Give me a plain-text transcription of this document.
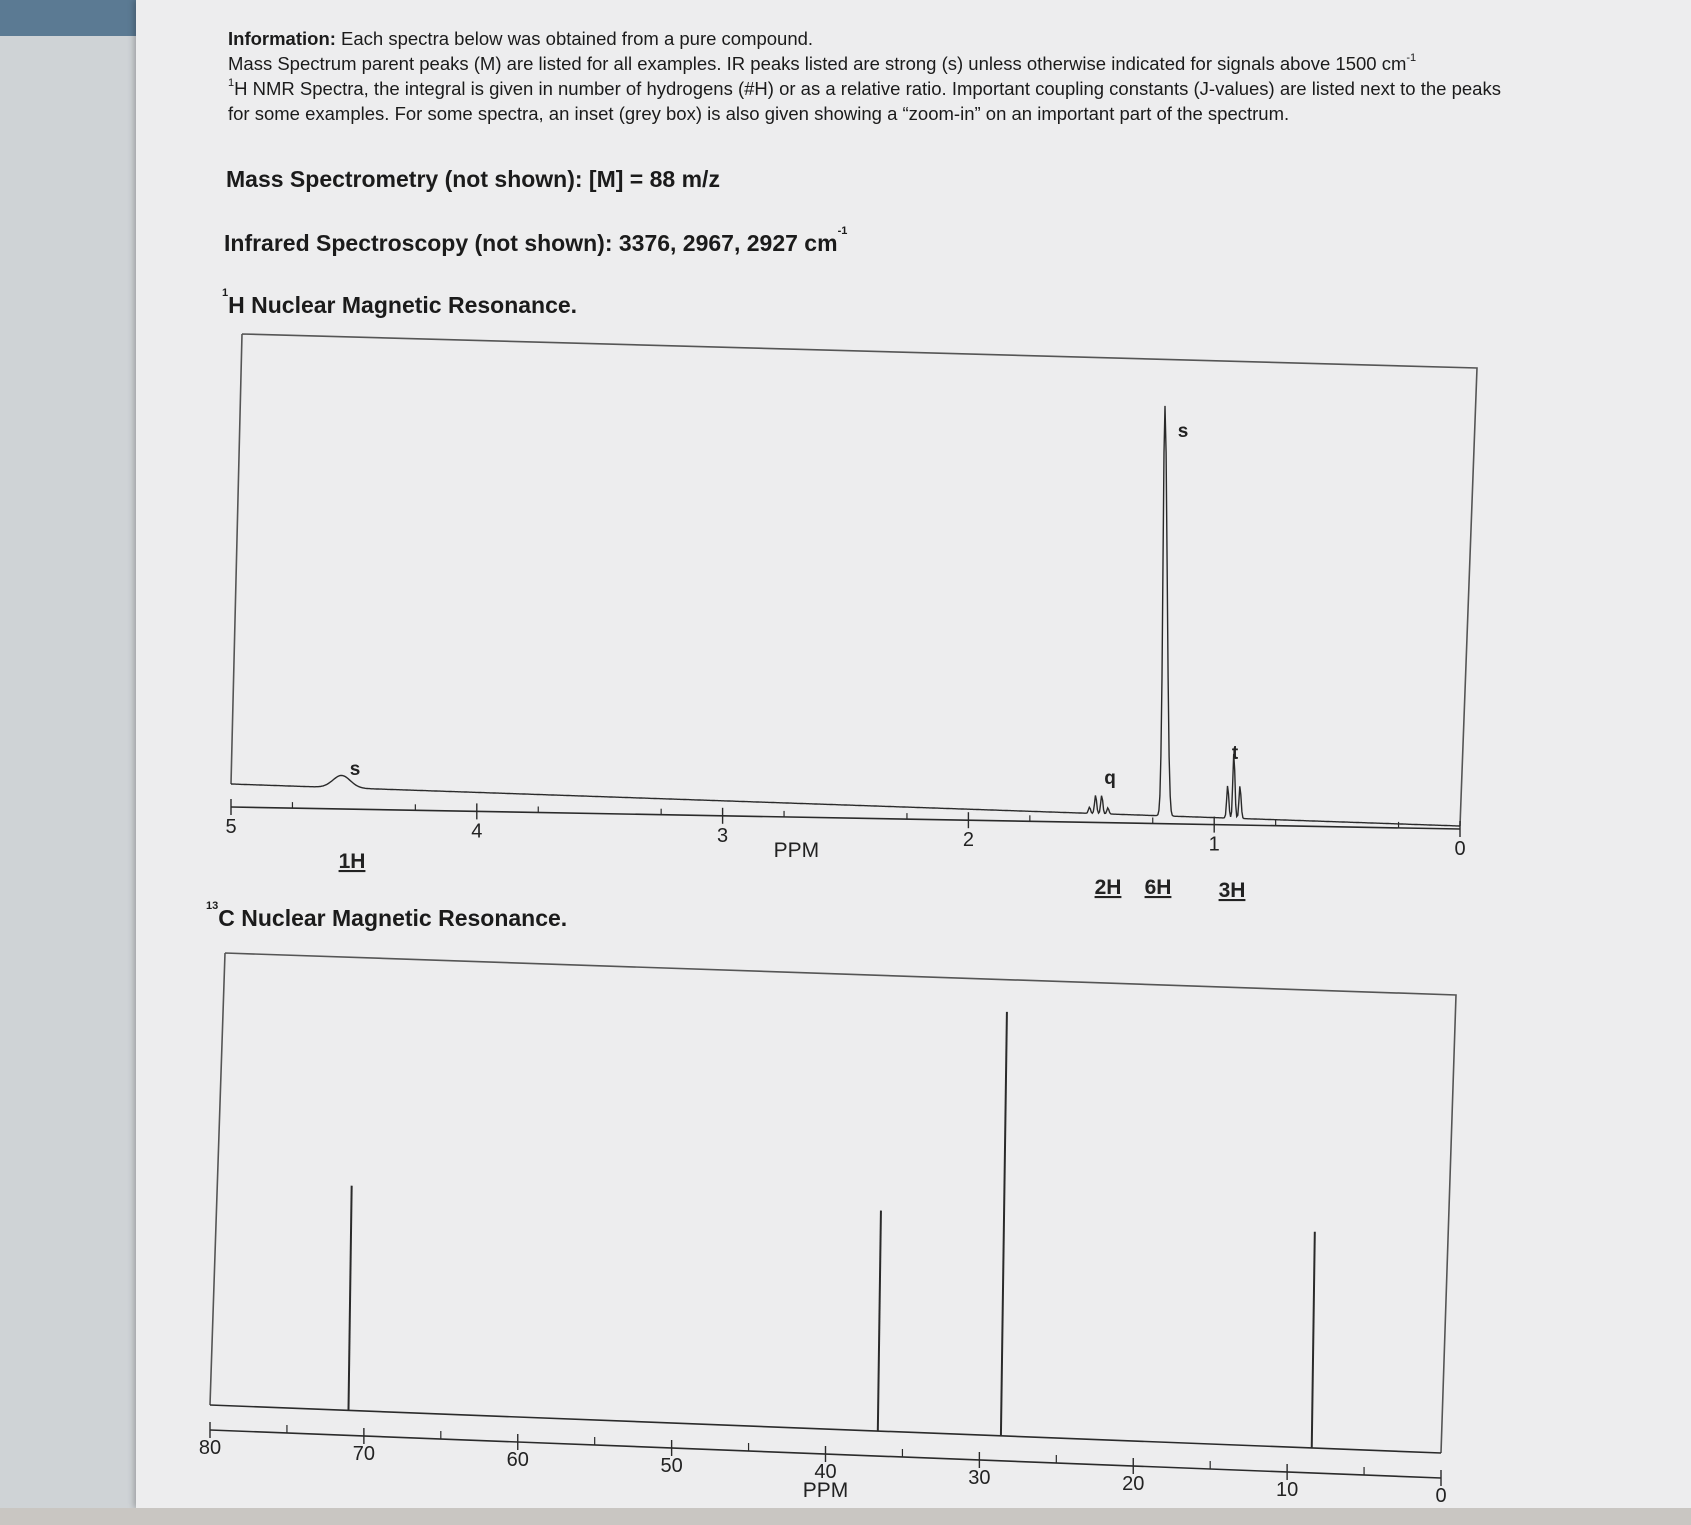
Information: Each spectra below was obtained from a pure compound.
Mass Spectrum parent peaks (M) are listed for all examples. IR peaks listed are strong (s) unless otherwise indicated for signals above 1500 $cm^{-1}$
$^1$H NMR Spectra, the integral is given in number of hydrogens (#H) or as a relative ratio. Important coupling constants (J-values) are listed next to the peaks for some examples. For some spectra, an inset (grey box) is also given showing a “zoom-in” on an important part of the spectrum.
Mass Spectrometry (not shown): [M] = 88 m/z
Infrared Spectroscopy (not shown): 3376, 2967, 2927 $cm^{-1}$
$^1$H Nuclear Magnetic Resonance.
$^{13}$C Nuclear Magnetic Resonance.
5	4	3	2	1	0
PPM
s
1H
q
2H
s
6H
t
3H
80	70	60	50	40	30	20	10	0
PPM
